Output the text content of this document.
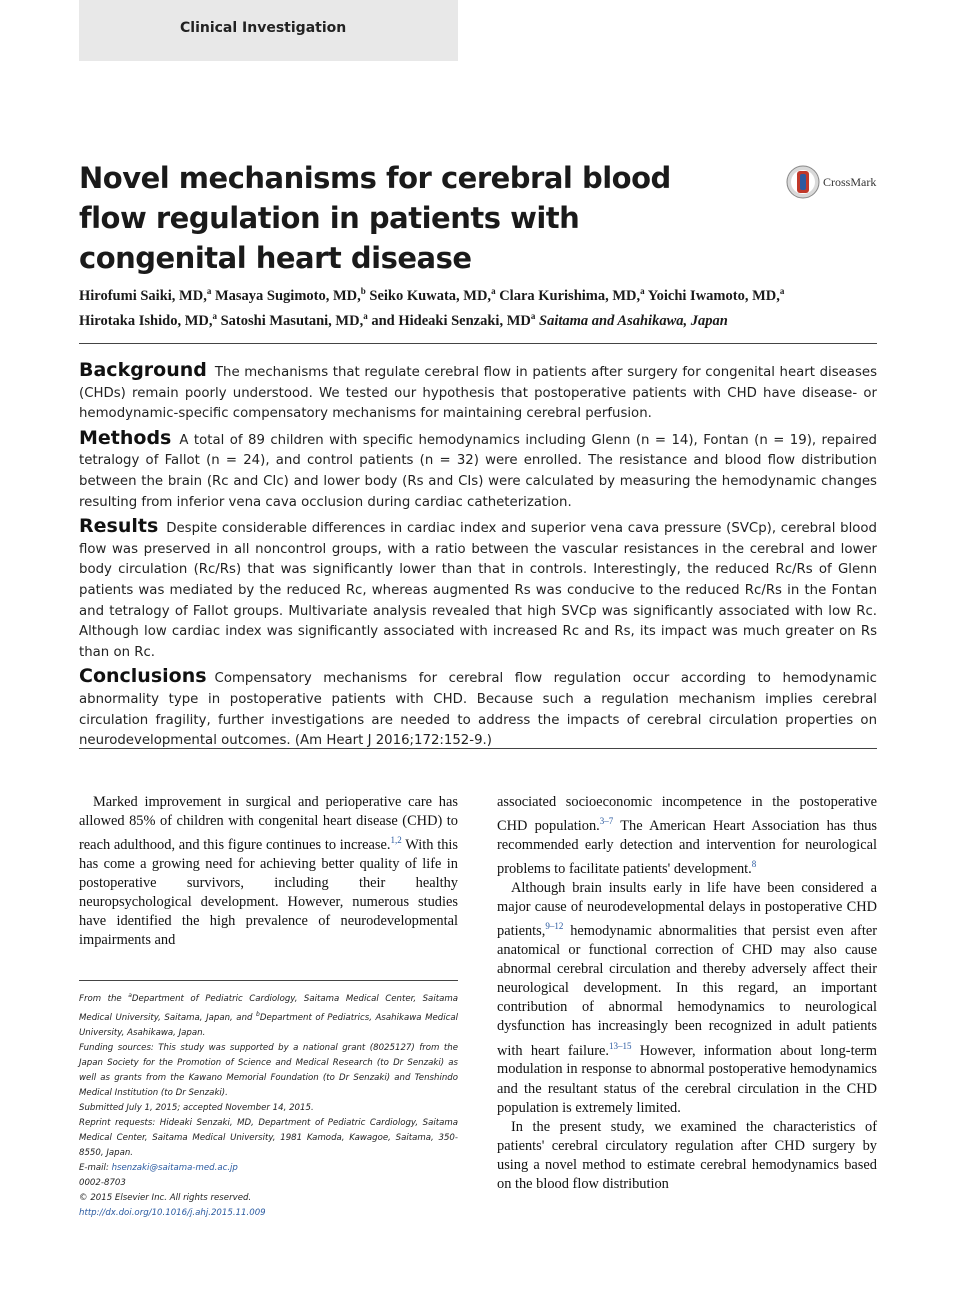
Clinical Investigation
Novel mechanisms for cerebral blood flow regulation in patients with congenital heart disease
CrossMark
Hirofumi Saiki, MD,$^a$ Masaya Sugimoto, MD,$^b$ Seiko Kuwata, MD,$^a$ Clara Kurishima, MD,$^a$ Yoichi Iwamoto, MD,$^a$
Hirotaka Ishido, MD,$^a$ Satoshi Masutani, MD,$^a$ and Hideaki Senzaki, $MD^a$ Saitama and Asahikawa, Japan

Background The mechanisms that regulate cerebral flow in patients after surgery for congenital heart diseases (CHDs) remain poorly understood. We tested our hypothesis that postoperative patients with CHD have disease- or hemodynamic-specific compensatory mechanisms for maintaining cerebral perfusion.

Methods A total of 89 children with specific hemodynamics including Glenn (n = 14), Fontan (n = 19), repaired tetralogy of Fallot (n = 24), and control patients (n = 32) were enrolled. The resistance and blood flow distribution between the brain (Rc and CIc) and lower body (Rs and CIs) were calculated by measuring the hemodynamic changes resulting from inferior vena cava occlusion during cardiac catheterization.

Results Despite considerable differences in cardiac index and superior vena cava pressure (SVCp), cerebral blood flow was preserved in all noncontrol groups, with a ratio between the vascular resistances in the cerebral and lower body circulation (Rc/Rs) that was significantly lower than that in controls. Interestingly, the reduced Rc/Rs of Glenn patients was mediated by the reduced Rc, whereas augmented Rs was conducive to the reduced Rc/Rs in the Fontan and tetralogy of Fallot groups. Multivariate analysis revealed that high SVCp was significantly associated with low Rc. Although low cardiac index was significantly associated with increased Rc and Rs, its impact was much greater on Rs than on Rc.

Conclusions Compensatory mechanisms for cerebral flow regulation occur according to hemodynamic abnormality type in postoperative patients with CHD. Because such a regulation mechanism implies cerebral circulation fragility, further investigations are needed to address the impacts of cerebral circulation properties on neurodevelopmental outcomes. (Am Heart J 2016;172:152-9.)

Marked improvement in surgical and perioperative care has allowed 85% of children with congenital heart disease (CHD) to reach adulthood, and this figure continues to increase.$^{1,2}$ With this has come a growing need for achieving better quality of life in postoperative survivors, including their healthy neuropsychological development. However, numerous studies have identified the high prevalence of neurodevelopmental impairments and

associated socioeconomic incompetence in the postoperative CHD population.$^{3-7}$ The American Heart Association has thus recommended early detection and intervention for neurological problems to facilitate patients' development.$^8$

Although brain insults early in life have been considered a major cause of neurodevelopmental delays in postoperative CHD patients,$^{9-12}$ hemodynamic abnormalities that persist even after anatomical or functional correction of CHD may also cause abnormal cerebral circulation and thereby adversely affect their neurological development. In this regard, an important contribution of abnormal hemodynamics to neurological dysfunction has increasingly been recognized in adult patients with heart failure.$^{13-15}$ However, information about long-term modulation in response to abnormal postoperative hemodynamics and the resultant status of the cerebral circulation in the CHD population is extremely limited.

In the present study, we examined the characteristics of patients' cerebral circulatory regulation after CHD surgery by using a novel method to estimate cerebral hemodynamics based on the blood flow distribution

From the $^a$Department of Pediatric Cardiology, Saitama Medical Center, Saitama Medical University, Saitama, Japan, and $^b$Department of Pediatrics, Asahikawa Medical University, Asahikawa, Japan.
Funding sources: This study was supported by a national grant (8025127) from the Japan Society for the Promotion of Science and Medical Research (to Dr Senzaki) as well as grants from the Kawano Memorial Foundation (to Dr Senzaki) and Tenshindo Medical Institution (to Dr Senzaki).
Submitted July 1, 2015; accepted November 14, 2015.
Reprint requests: Hideaki Senzaki, MD, Department of Pediatric Cardiology, Saitama Medical Center, Saitama Medical University, 1981 Kamoda, Kawagoe, Saitama, 350-8550, Japan.
E-mail: hsenzaki@saitama-med.ac.jp
0002-8703
© 2015 Elsevier Inc. All rights reserved.
http://dx.doi.org/10.1016/j.ahj.2015.11.009
